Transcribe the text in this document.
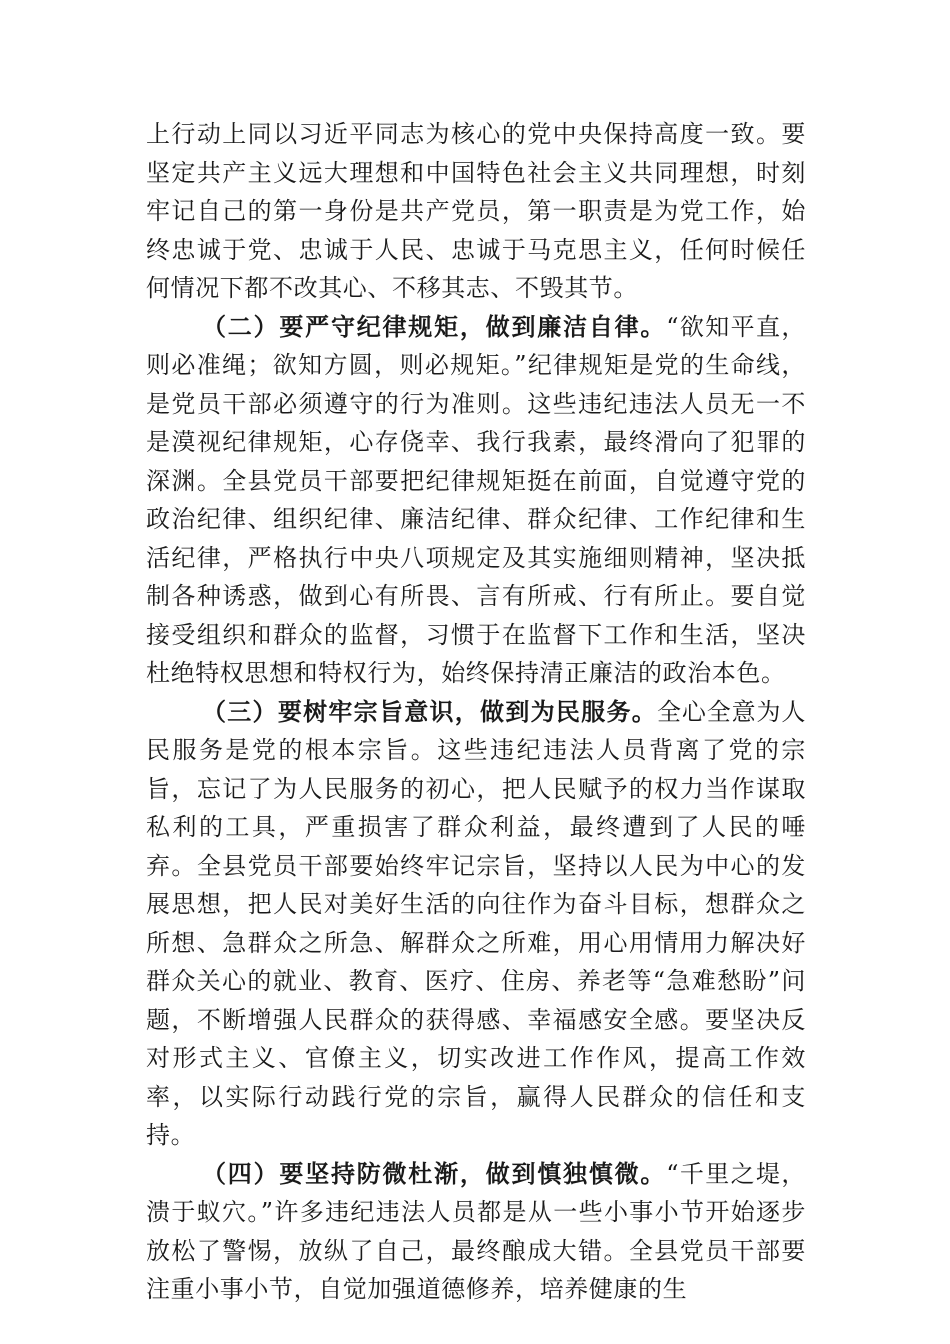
上行动上同以习近平同志为核心的党中央保持高度一致。要坚定共产主义远大理想和中国特色社会主义共同理想，时刻牢记自己的第一身份是共产党员，第一职责是为党工作，始终忠诚于党、忠诚于人民、忠诚于马克思主义，任何时候任何情况下都不改其心、不移其志、不毁其节。

（二）要严守纪律规矩，做到廉洁自律。“欲知平直，则必准绳；欲知方圆，则必规矩。”纪律规矩是党的生命线，是党员干部必须遵守的行为准则。这些违纪违法人员无一不是漠视纪律规矩，心存侥幸、我行我素，最终滑向了犯罪的深渊。全县党员干部要把纪律规矩挺在前面，自觉遵守党的政治纪律、组织纪律、廉洁纪律、群众纪律、工作纪律和生活纪律，严格执行中央八项规定及其实施细则精神，坚决抵制各种诱惑，做到心有所畏、言有所戒、行有所止。要自觉接受组织和群众的监督，习惯于在监督下工作和生活，坚决杜绝特权思想和特权行为，始终保持清正廉洁的政治本色。

（三）要树牢宗旨意识，做到为民服务。全心全意为人民服务是党的根本宗旨。这些违纪违法人员背离了党的宗旨，忘记了为人民服务的初心，把人民赋予的权力当作谋取私利的工具，严重损害了群众利益，最终遭到了人民的唾弃。全县党员干部要始终牢记宗旨，坚持以人民为中心的发展思想，把人民对美好生活的向往作为奋斗目标，想群众之所想、急群众之所急、解群众之所难，用心用情用力解决好群众关心的就业、教育、医疗、住房、养老等“急难愁盼”问题，不断增强人民群众的获得感、幸福感安全感。要坚决反对形式主义、官僚主义，切实改进工作作风，提高工作效率，以实际行动践行党的宗旨，赢得人民群众的信任和支持。

（四）要坚持防微杜渐，做到慎独慎微。“千里之堤，溃于蚁穴。”许多违纪违法人员都是从一些小事小节开始逐步放松了警惕，放纵了自己，最终酿成大错。全县党员干部要注重小事小节，自觉加强道德修养，培养健康的生
